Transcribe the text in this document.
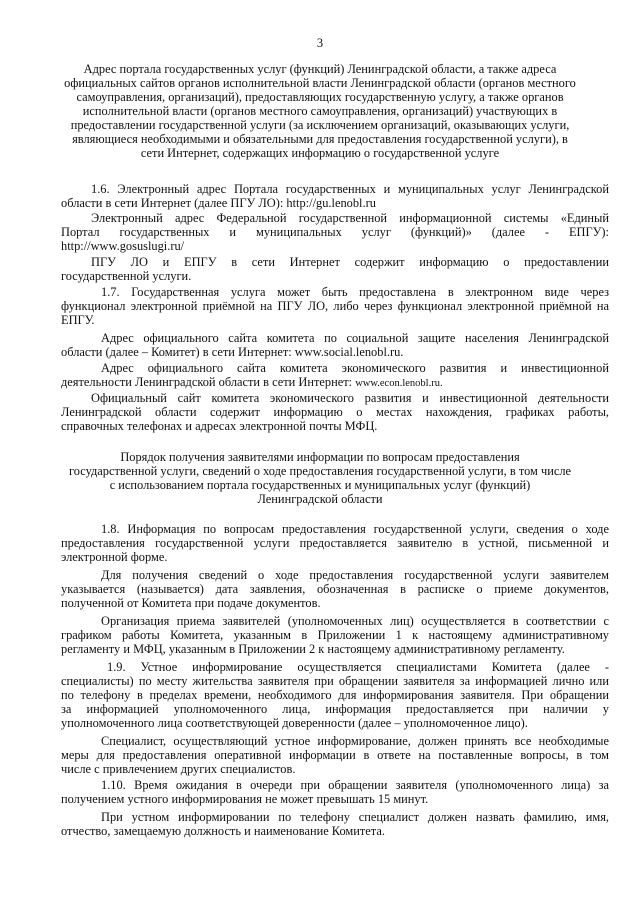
3
Адрес портала государственных услуг (функций) Ленинградской области, а также адреса
официальных сайтов органов исполнительной власти Ленинградской области (органов местного
самоуправления, организаций), предоставляющих государственную услугу, а также органов
исполнительной власти (органов местного самоуправления, организаций) участвующих в
предоставлении государственной услуги (за исключением организаций, оказывающих услуги,
являющиеся необходимыми и обязательными для предоставления государственной услуги), в
сети Интернет, содержащих информацию о государственной услуге
1.6. Электронный адрес Портала государственных и муниципальных услуг Ленинградской
области в сети Интернет (далее ПГУ ЛО): http://gu.lenobl.ru
Электронный адрес Федеральной государственной информационной системы «Единый
Портал государственных и муниципальных услуг (функций)» (далее - ЕПГУ):
http://www.gosuslugi.ru/
ПГУ ЛО и ЕПГУ в сети Интернет содержит информацию о предоставлении
государственной услуги.
1.7. Государственная услуга может быть предоставлена в электронном виде через
функционал электронной приёмной на ПГУ ЛО, либо через функционал электронной приёмной на
ЕПГУ.
Адрес официального сайта комитета по социальной защите населения Ленинградской
области (далее – Комитет) в сети Интернет: www.social.lenobl.ru.
Адрес официального сайта комитета экономического развития и инвестиционной
деятельности Ленинградской области в сети Интернет: www.econ.lenobl.ru.
Официальный сайт комитета экономического развития и инвестиционной деятельности
Ленинградской области содержит информацию о местах нахождения, графиках работы,
справочных телефонах и адресах электронной почты МФЦ.
Порядок получения заявителями информации по вопросам предоставления
государственной услуги, сведений о ходе предоставления государственной услуги, в том числе
с использованием портала государственных и муниципальных услуг (функций)
Ленинградской области
1.8. Информация по вопросам предоставления государственной услуги, сведения о ходе
предоставления государственной услуги предоставляется заявителю в устной, письменной и
электронной форме.
Для получения сведений о ходе предоставления государственной услуги заявителем
указывается (называется) дата заявления, обозначенная в расписке о приеме документов,
полученной от Комитета при подаче документов.
Организация приема заявителей (уполномоченных лиц) осуществляется в соответствии с
графиком работы Комитета, указанным в Приложении 1 к настоящему административному
регламенту и МФЦ, указанным в Приложении 2 к настоящему административному регламенту.
1.9. Устное информирование осуществляется специалистами Комитета (далее -
специалисты) по месту жительства заявителя при обращении заявителя за информацией лично или
по телефону в пределах времени, необходимого для информирования заявителя. При обращении
за информацией уполномоченного лица, информация предоставляется при наличии у
уполномоченного лица соответствующей доверенности (далее – уполномоченное лицо).
Специалист, осуществляющий устное информирование, должен принять все необходимые
меры для предоставления оперативной информации в ответе на поставленные вопросы, в том
числе с привлечением других специалистов.
1.10. Время ожидания в очереди при обращении заявителя (уполномоченного лица) за
получением устного информирования не может превышать 15 минут.
При устном информировании по телефону специалист должен назвать фамилию, имя,
отчество, замещаемую должность и наименование Комитета.
